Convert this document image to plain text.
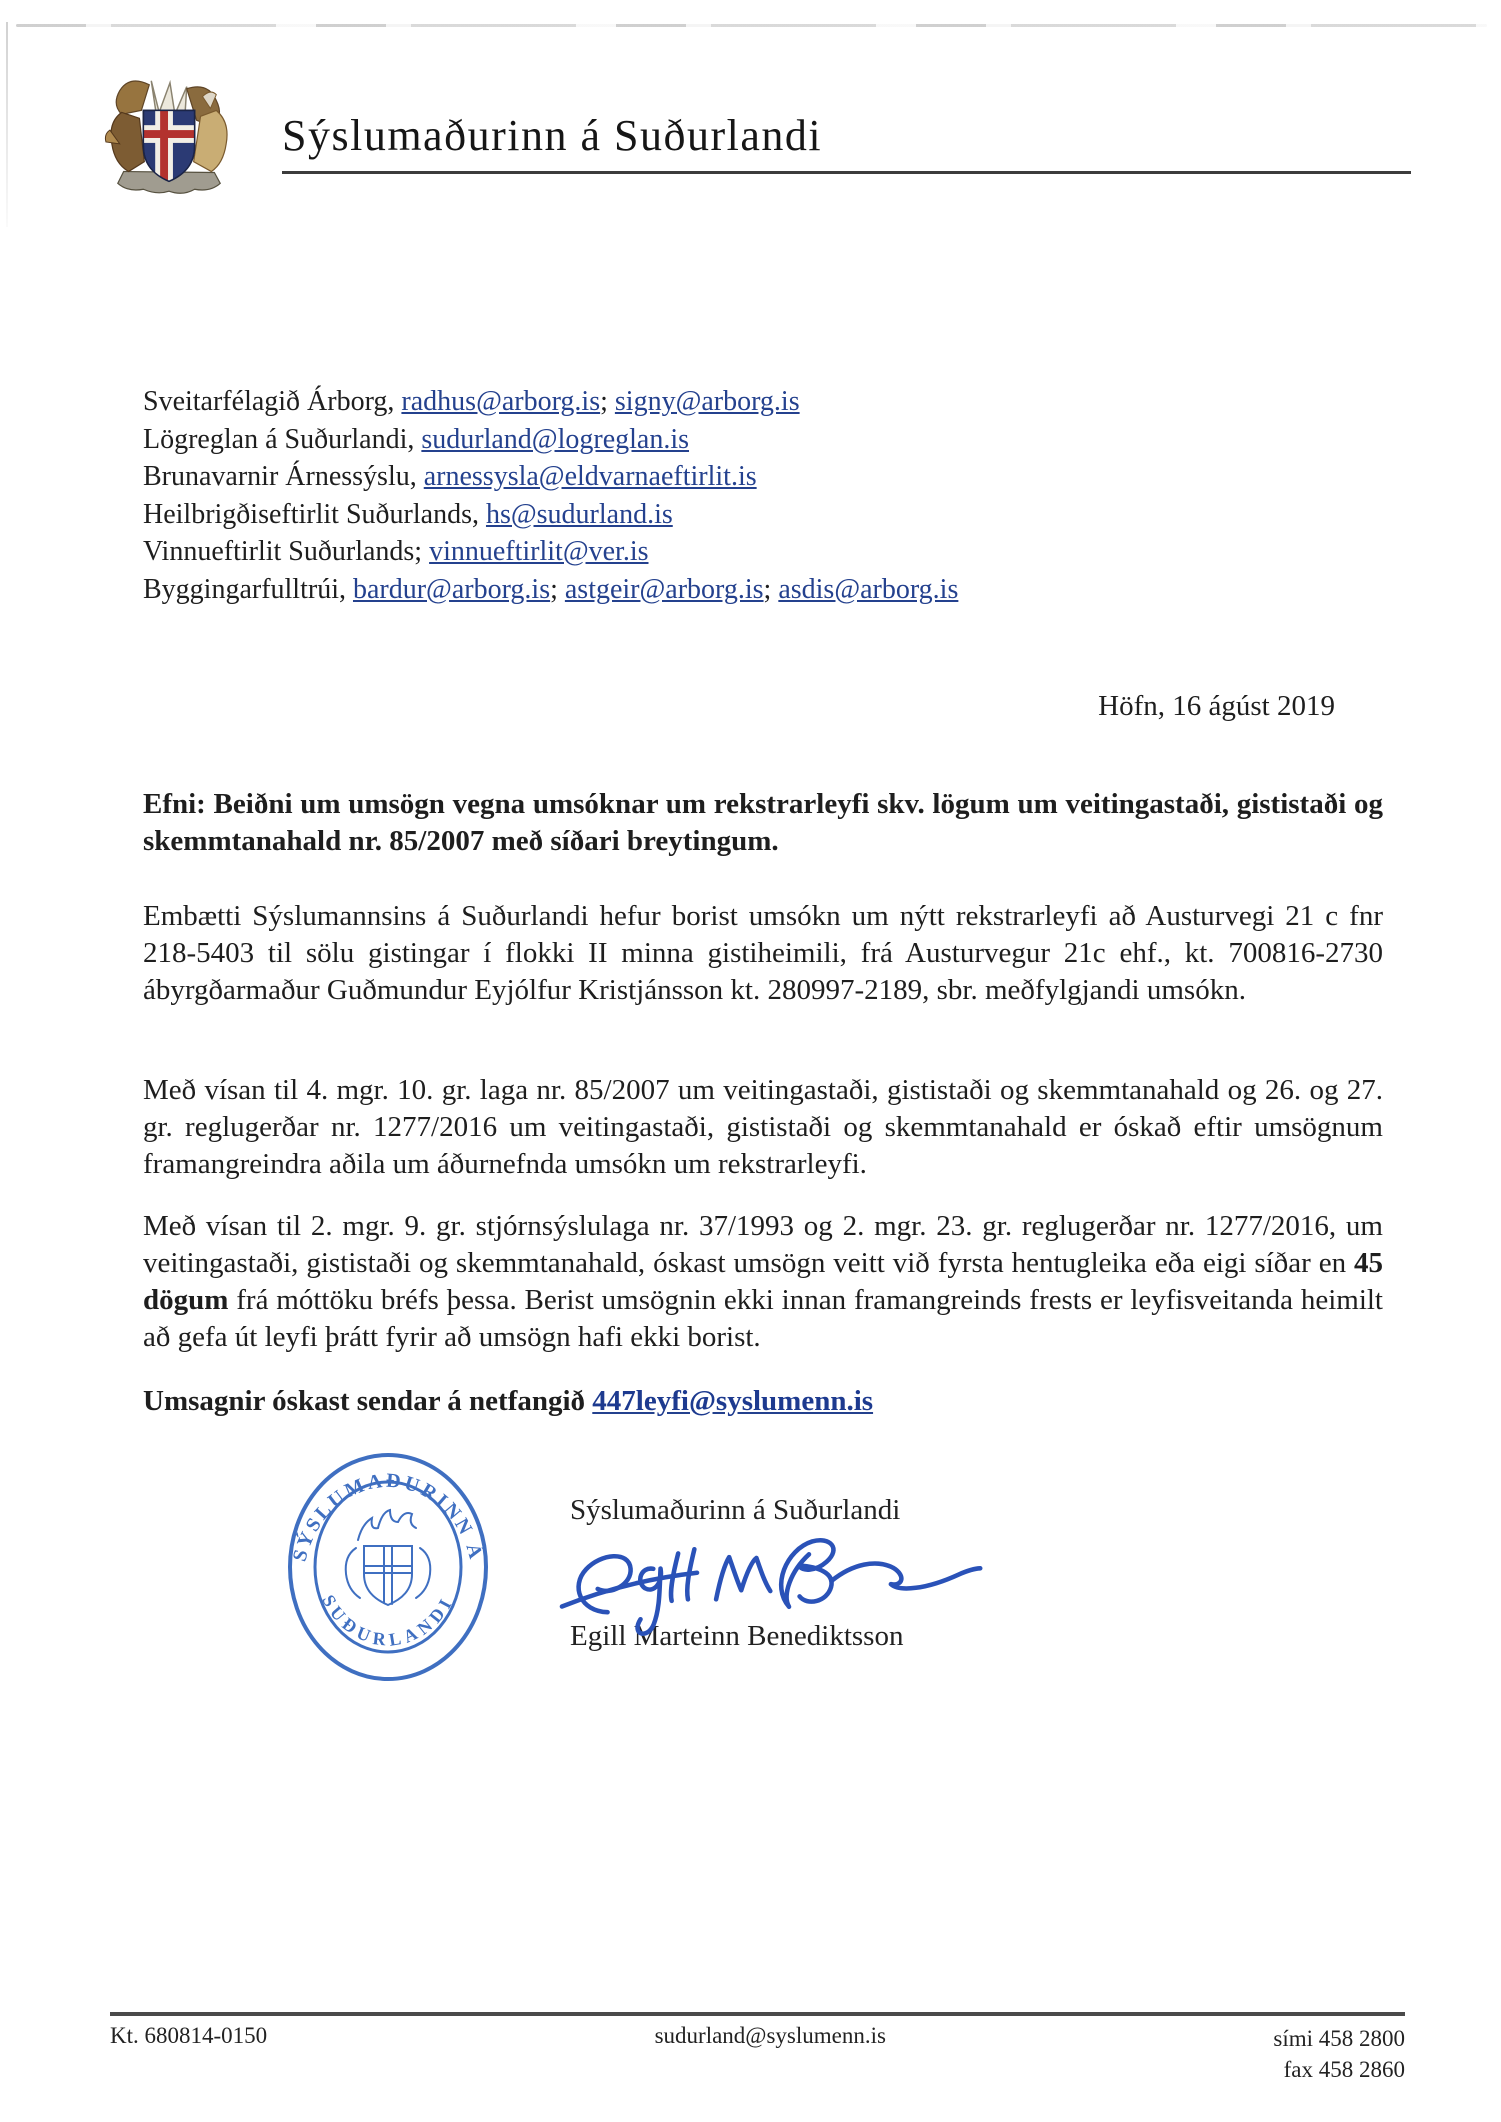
Sýslumaðurinn á Suðurlandi
Sveitarfélagið Árborg, radhus@arborg.is; signy@arborg.is
Lögreglan á Suðurlandi, sudurland@logreglan.is
Brunavarnir Árnessýslu, arnessysla@eldvarnaeftirlit.is
Heilbrigðiseftirlit Suðurlands, hs@sudurland.is
Vinnueftirlit Suðurlands; vinnueftirlit@ver.is
Byggingarfulltrúi, bardur@arborg.is; astgeir@arborg.is; asdis@arborg.is
Höfn, 16 ágúst 2019
Efni: Beiðni um umsögn vegna umsóknar um rekstrarleyfi skv. lögum um veitingastaði, gististaði og skemmtanahald nr. 85/2007 með síðari breytingum.
Embætti Sýslumannsins á Suðurlandi hefur borist umsókn um nýtt rekstrarleyfi að Austurvegi 21 c fnr 218-5403 til sölu gistingar í flokki II minna gistiheimili, frá Austurvegur 21c ehf., kt. 700816-2730 ábyrgðarmaður Guðmundur Eyjólfur Kristjánsson kt. 280997-2189, sbr. meðfylgjandi umsókn.
Með vísan til 4. mgr. 10. gr. laga nr. 85/2007 um veitingastaði, gististaði og skemmtanahald og 26. og 27. gr. reglugerðar nr. 1277/2016 um veitingastaði, gististaði og skemmtanahald er óskað eftir umsögnum framangreindra aðila um áðurnefnda umsókn um rekstrarleyfi.
Með vísan til 2. mgr. 9. gr. stjórnsýslulaga nr. 37/1993 og 2. mgr. 23. gr. reglugerðar nr. 1277/2016, um veitingastaði, gististaði og skemmtanahald, óskast umsögn veitt við fyrsta hentugleika eða eigi síðar en 45 dögum frá móttöku bréfs þessa. Berist umsögnin ekki innan framangreinds frests er leyfisveitanda heimilt að gefa út leyfi þrátt fyrir að umsögn hafi ekki borist.
Umsagnir óskast sendar á netfangið 447leyfi@syslumenn.is
SÝSLUMAÐURINN Á
SUÐURLANDI
Sýslumaðurinn á Suðurlandi
Egill Marteinn Benediktsson
Kt. 680814-0150	sudurland@syslumenn.is	sími 458 2800
fax 458 2860
